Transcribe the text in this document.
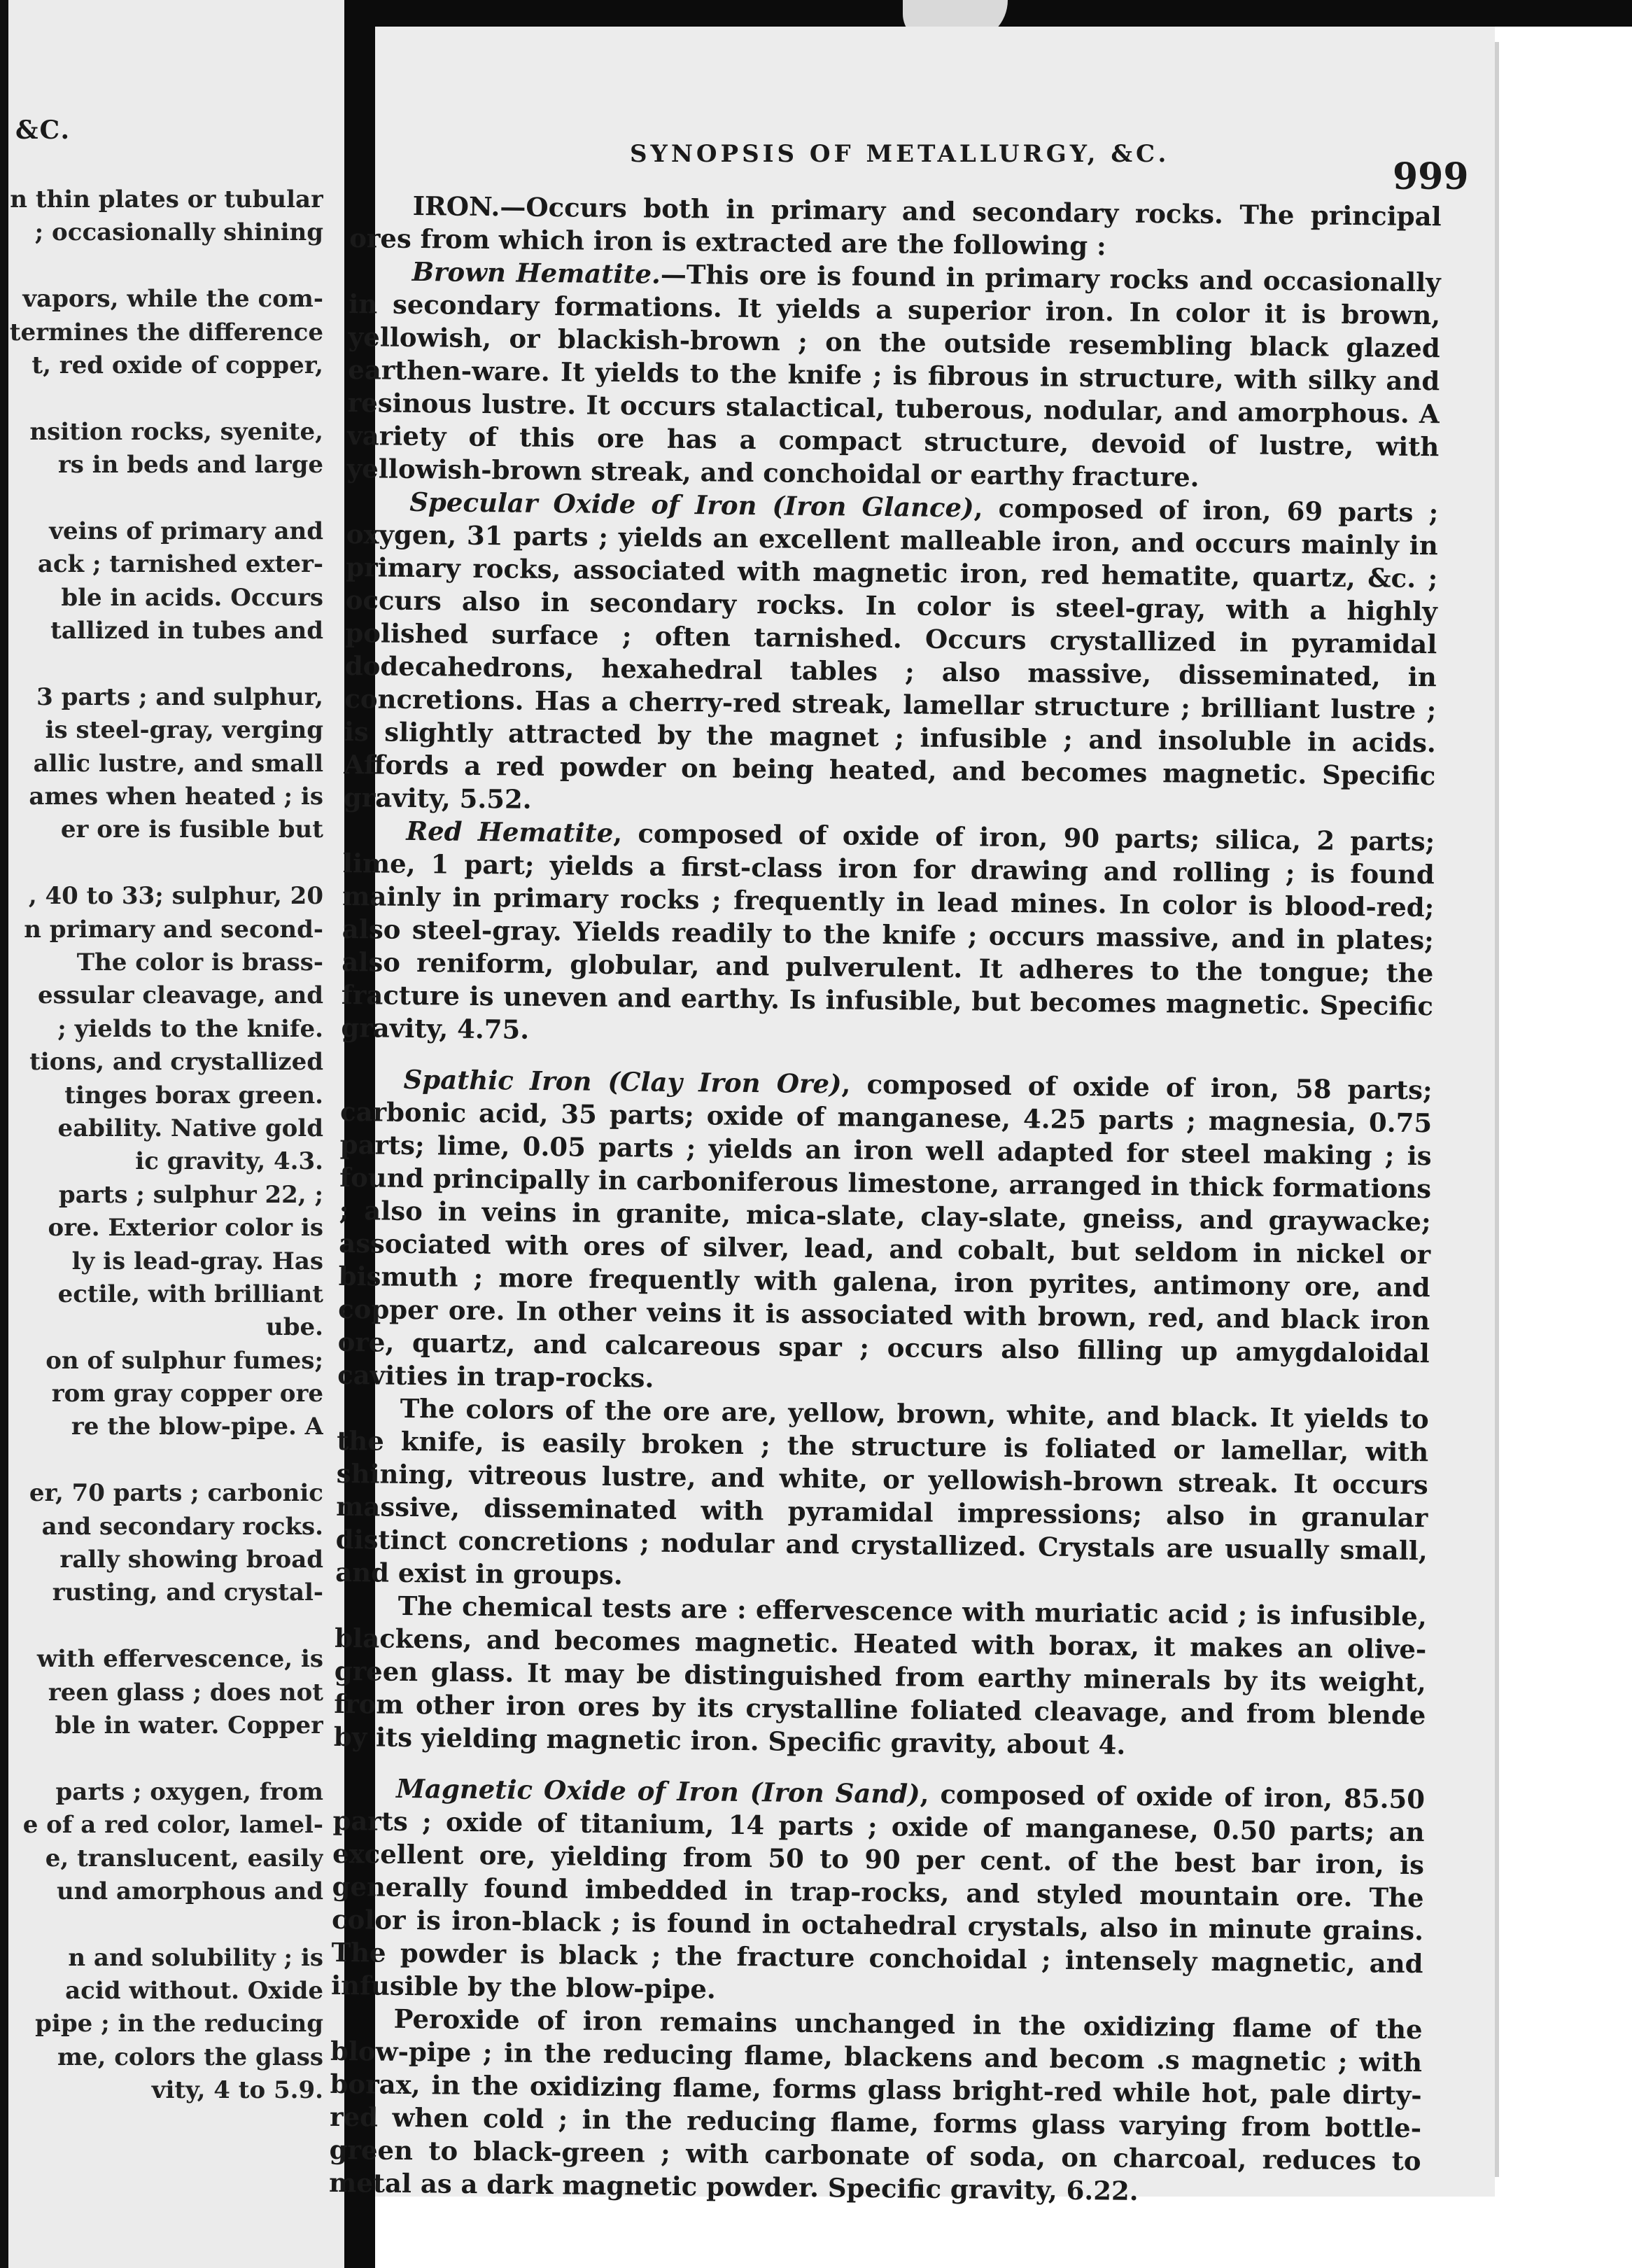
&C.
n thin plates or tubular
; occasionally shining
vapors, while the com-
termines the difference
t, red oxide of copper,
nsition rocks, syenite,
rs in beds and large
veins of primary and
ack ; tarnished exter-
ble in acids. Occurs
tallized in tubes and
3 parts ; and sulphur,
is steel-gray, verging
allic lustre, and small
ames when heated ; is
er ore is fusible but
, 40 to 33; sulphur, 20
n primary and second-
The color is brass-
essular cleavage, and
; yields to the knife.
tions, and crystallized
tinges borax green.
eability. Native gold
ic gravity, 4.3.
parts ; sulphur 22, ;
ore. Exterior color is
ly is lead-gray. Has
ectile, with brilliant
ube.
on of sulphur fumes;
rom gray copper ore
re the blow-pipe. A
er, 70 parts ; carbonic
and secondary rocks.
rally showing broad
rusting, and crystal-
with effervescence, is
reen glass ; does not
ble in water. Copper
parts ; oxygen, from
e of a red color, lamel-
e, translucent, easily
und amorphous and
n and solubility ; is
acid without. Oxide
pipe ; in the reducing
me, colors the glass
vity, 4 to 5.9.
SYNOPSIS OF METALLURGY, &C.
999

IRON.—Occurs both in primary and secondary rocks. The principal ores from which iron is extracted are the following :

Brown Hematite.—This ore is found in primary rocks and occasionally in secondary formations. It yields a superior iron. In color it is brown, yellowish, or blackish-brown ; on the outside resembling black glazed earthen-ware. It yields to the knife ; is fibrous in structure, with silky and resinous lustre. It occurs stalactical, tuberous, nodular, and amorphous. A variety of this ore has a compact structure, devoid of lustre, with yellowish-brown streak, and conchoidal or earthy fracture.

Specular Oxide of Iron (Iron Glance), composed of iron, 69 parts ; oxygen, 31 parts ; yields an excellent malleable iron, and occurs mainly in primary rocks, associated with magnetic iron, red hematite, quartz, &c. ; occurs also in secondary rocks. In color is steel-gray, with a highly polished surface ; often tarnished. Occurs crystallized in pyramidal dodecahedrons, hexahedral tables ; also massive, disseminated, in concretions. Has a cherry-red streak, lamellar structure ; brilliant lustre ; is slightly attracted by the magnet ; infusible ; and insoluble in acids. Affords a red powder on being heated, and becomes magnetic. Specific gravity, 5.52.

Red Hematite, composed of oxide of iron, 90 parts; silica, 2 parts; lime, 1 part; yields a first-class iron for drawing and rolling ; is found mainly in primary rocks ; frequently in lead mines. In color is blood-red; also steel-gray. Yields readily to the knife ; occurs massive, and in plates; also reniform, globular, and pulverulent. It adheres to the tongue; the fracture is uneven and earthy. Is infusible, but becomes magnetic. Specific gravity, 4.75.

Spathic Iron (Clay Iron Ore), composed of oxide of iron, 58 parts; carbonic acid, 35 parts; oxide of manganese, 4.25 parts ; magnesia, 0.75 parts; lime, 0.05 parts ; yields an iron well adapted for steel making ; is found principally in carboniferous limestone, arranged in thick formations ; also in veins in granite, mica-slate, clay-slate, gneiss, and graywacke; associated with ores of silver, lead, and cobalt, but seldom in nickel or bismuth ; more frequently with galena, iron pyrites, antimony ore, and copper ore. In other veins it is associated with brown, red, and black iron ore, quartz, and calcareous spar ; occurs also filling up amygdaloidal cavities in trap-rocks.

The colors of the ore are, yellow, brown, white, and black. It yields to the knife, is easily broken ; the structure is foliated or lamellar, with shining, vitreous lustre, and white, or yellowish-brown streak. It occurs massive, disseminated with pyramidal impressions; also in granular distinct concretions ; nodular and crystallized. Crystals are usually small, and exist in groups.

The chemical tests are : effervescence with muriatic acid ; is infusible, blackens, and becomes magnetic. Heated with borax, it makes an olive-green glass. It may be distinguished from earthy minerals by its weight, from other iron ores by its crystalline foliated cleavage, and from blende by its yielding magnetic iron. Specific gravity, about 4.

Magnetic Oxide of Iron (Iron Sand), composed of oxide of iron, 85.50 parts ; oxide of titanium, 14 parts ; oxide of manganese, 0.50 parts; an excellent ore, yielding from 50 to 90 per cent. of the best bar iron, is generally found imbedded in trap-rocks, and styled mountain ore. The color is iron-black ; is found in octahedral crystals, also in minute grains. The powder is black ; the fracture conchoidal ; intensely magnetic, and infusible by the blow-pipe.

Peroxide of iron remains unchanged in the oxidizing flame of the blow-pipe ; in the reducing flame, blackens and becom .s magnetic ; with borax, in the oxidizing flame, forms glass bright-red while hot, pale dirty-red when cold ; in the reducing flame, forms glass varying from bottle-green to black-green ; with carbonate of soda, on charcoal, reduces to metal as a dark magnetic powder. Specific gravity, 6.22.
